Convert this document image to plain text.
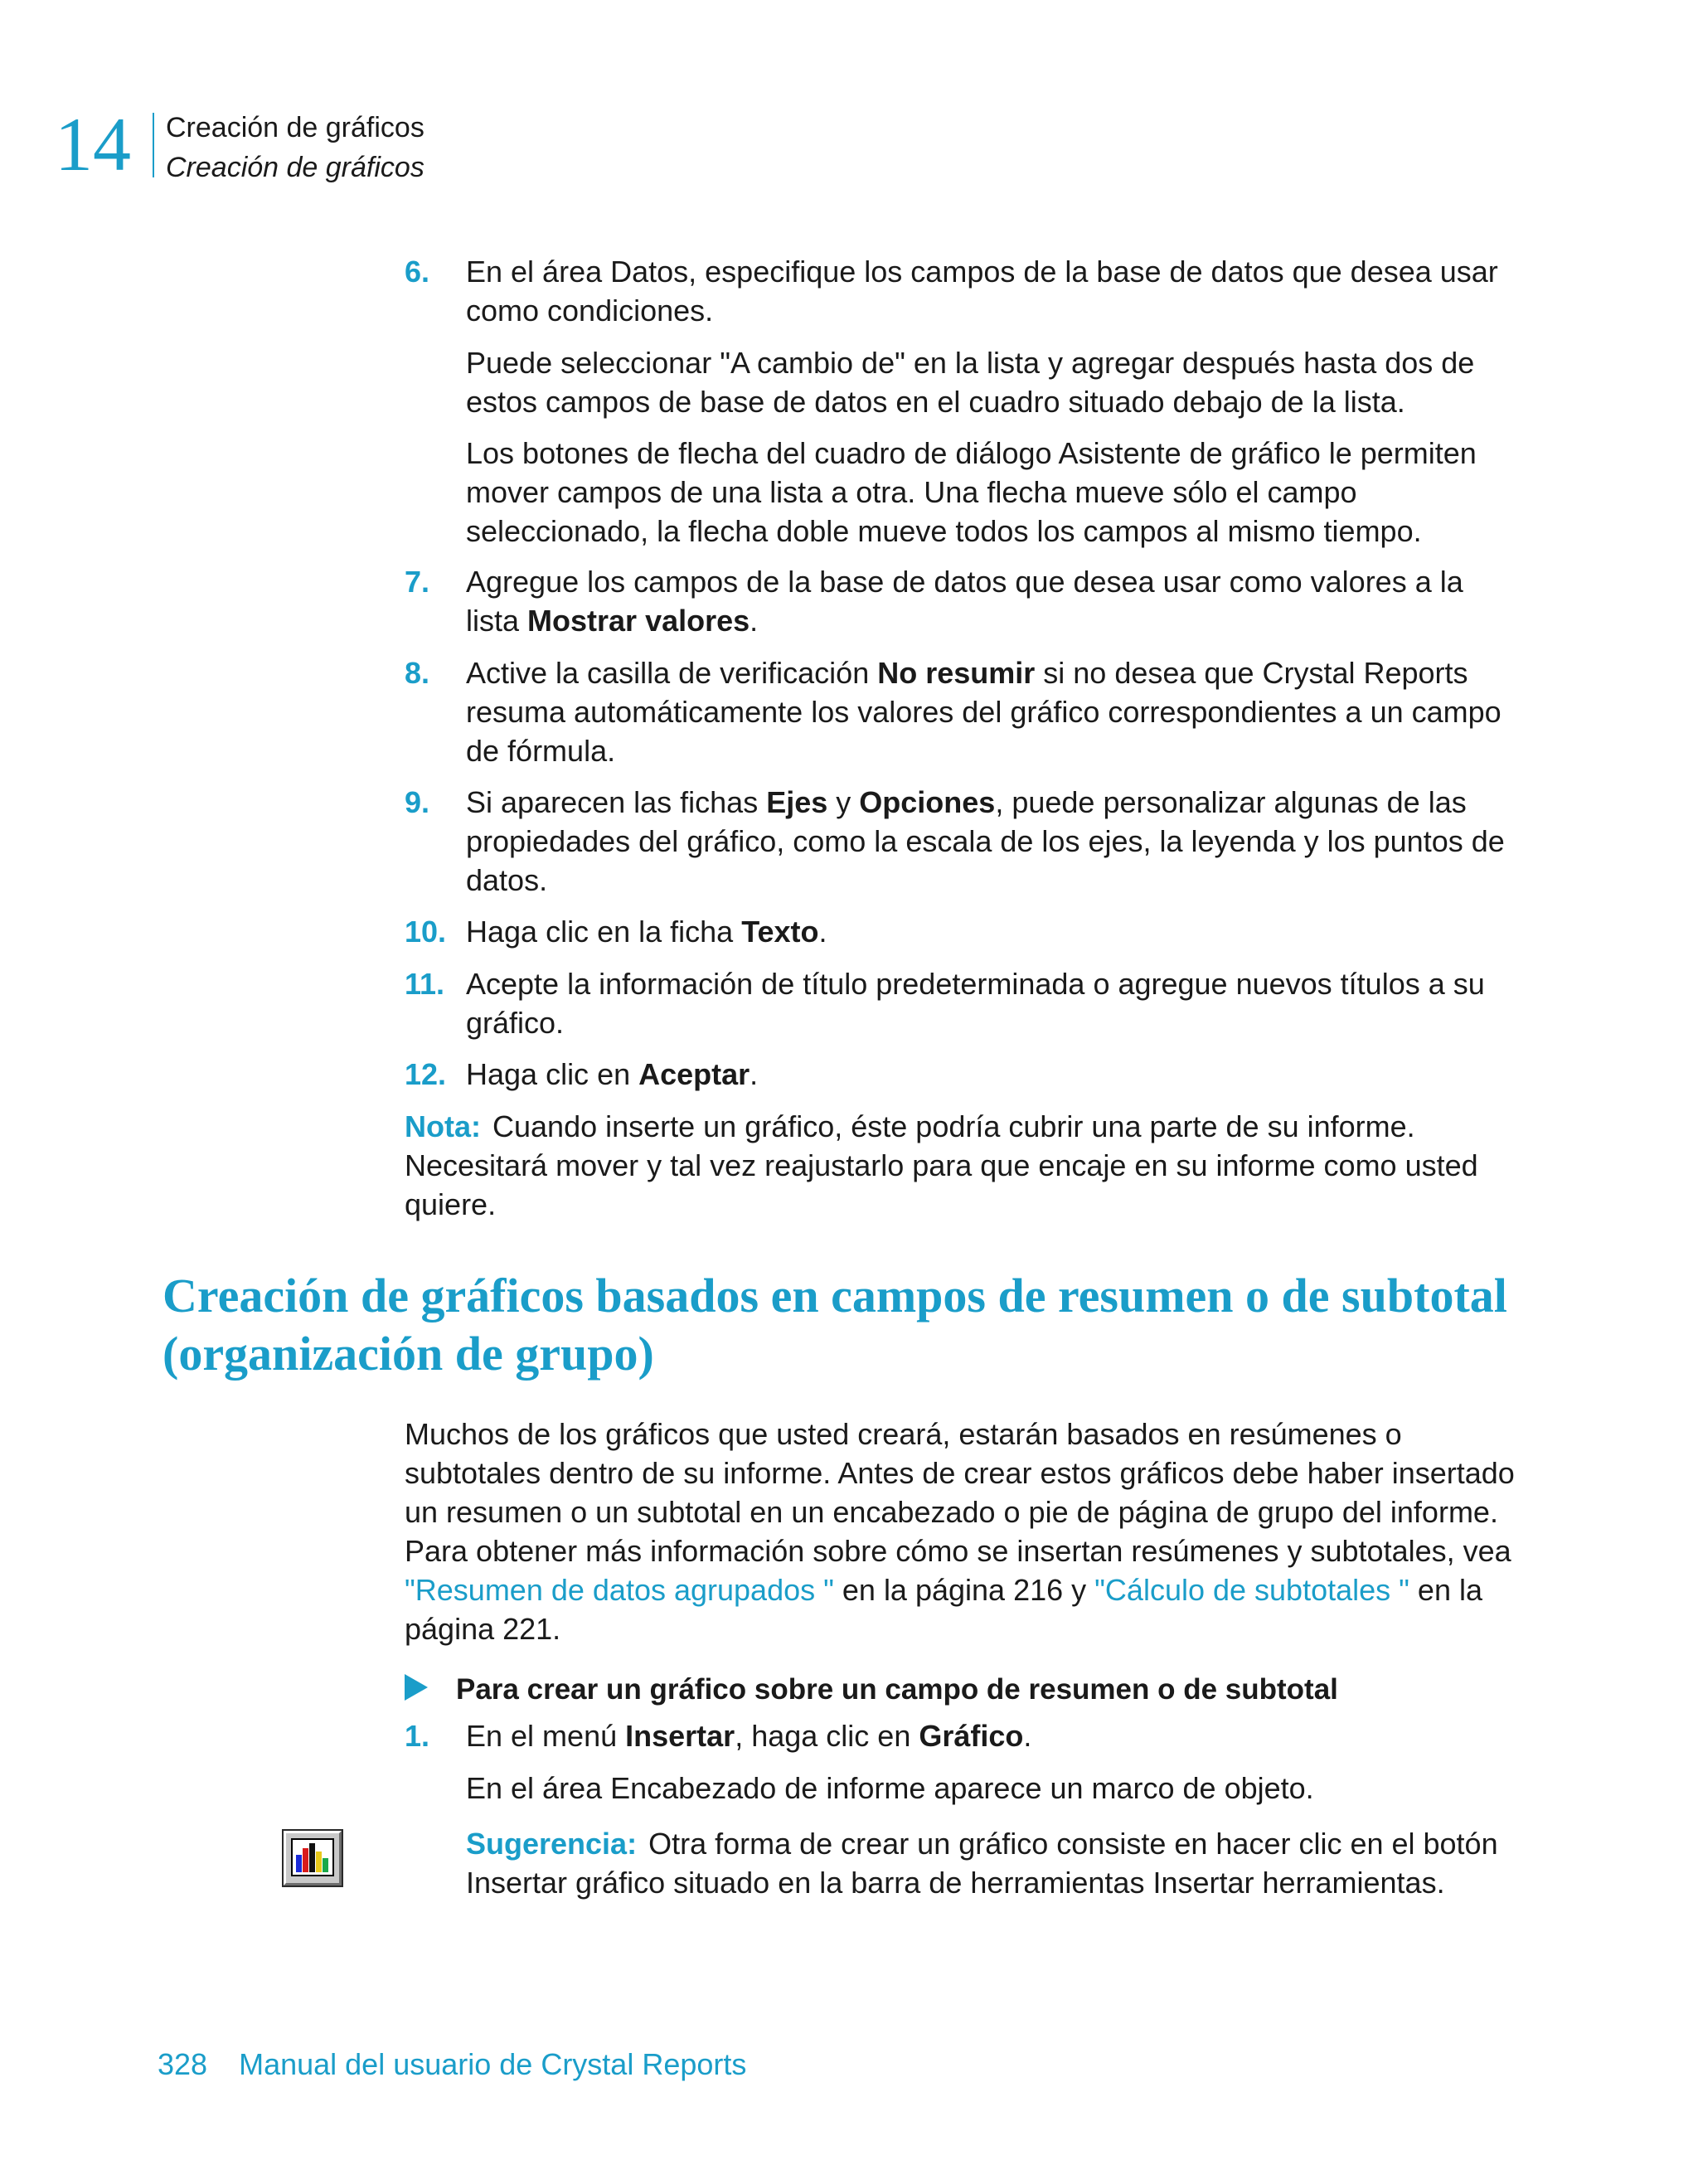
14 Creación de gráficos
Creación de gráficos
6. En el área Datos, especifique los campos de la base de datos que desea usar como condiciones.
Puede seleccionar "A cambio de" en la lista y agregar después hasta dos de estos campos de base de datos en el cuadro situado debajo de la lista.
Los botones de flecha del cuadro de diálogo Asistente de gráfico le permiten mover campos de una lista a otra. Una flecha mueve sólo el campo seleccionado, la flecha doble mueve todos los campos al mismo tiempo.
7. Agregue los campos de la base de datos que desea usar como valores a la lista Mostrar valores.
8. Active la casilla de verificación No resumir si no desea que Crystal Reports resuma automáticamente los valores del gráfico correspondientes a un campo de fórmula.
9. Si aparecen las fichas Ejes y Opciones, puede personalizar algunas de las propiedades del gráfico, como la escala de los ejes, la leyenda y los puntos de datos.
10. Haga clic en la ficha Texto.
11. Acepte la información de título predeterminada o agregue nuevos títulos a su gráfico.
12. Haga clic en Aceptar.
Nota: Cuando inserte un gráfico, éste podría cubrir una parte de su informe. Necesitará mover y tal vez reajustarlo para que encaje en su informe como usted quiere.
Creación de gráficos basados en campos de resumen o de subtotal (organización de grupo)
Muchos de los gráficos que usted creará, estarán basados en resúmenes o subtotales dentro de su informe. Antes de crear estos gráficos debe haber insertado un resumen o un subtotal en un encabezado o pie de página de grupo del informe. Para obtener más información sobre cómo se insertan resúmenes y subtotales, vea "Resumen de datos agrupados " en la página 216 y "Cálculo de subtotales " en la página 221.
Para crear un gráfico sobre un campo de resumen o de subtotal
1. En el menú Insertar, haga clic en Gráfico.
En el área Encabezado de informe aparece un marco de objeto.
Sugerencia: Otra forma de crear un gráfico consiste en hacer clic en el botón Insertar gráfico situado en la barra de herramientas Insertar herramientas.
328 Manual del usuario de Crystal Reports
